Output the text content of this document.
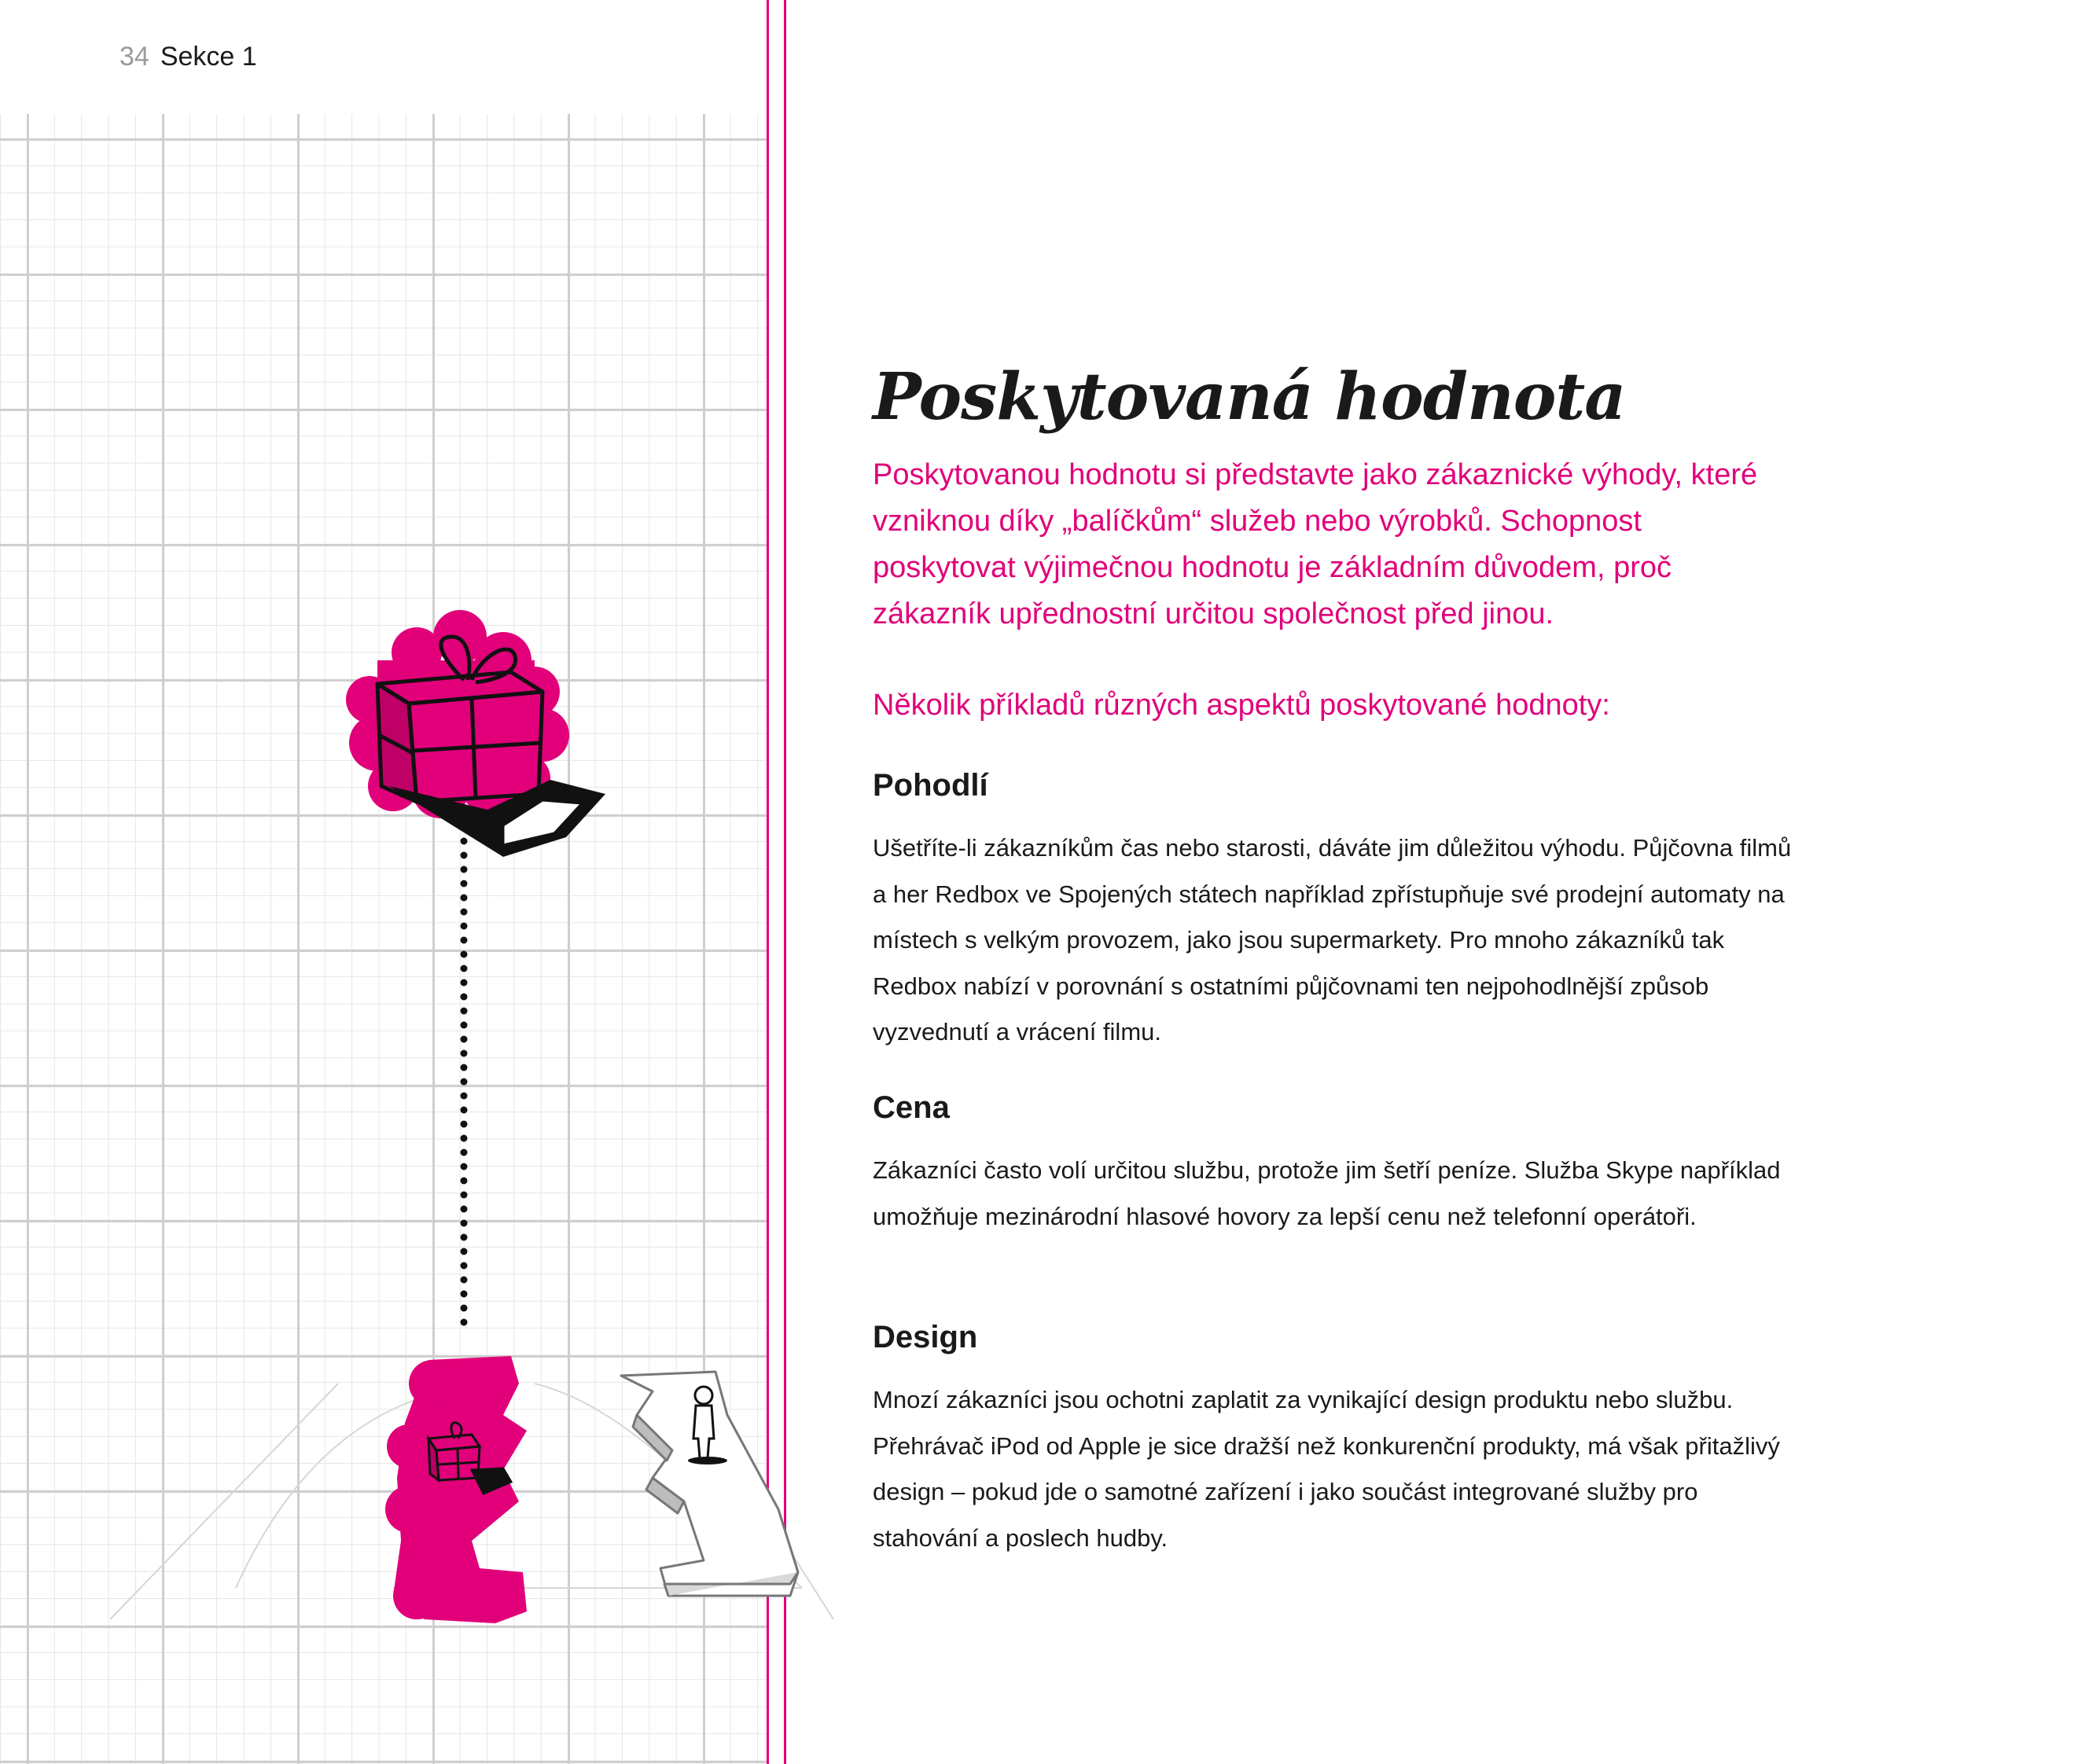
34 Sekce 1
Poskytovaná hodnota

Poskytovanou hodnotu si představte jako zákaznické výhody, které vzniknou díky „balíčkům“ služeb nebo výrobků. Schopnost poskytovat výjimečnou hodnotu je základním důvodem, proč zákazník upřednostní určitou společnost před jinou.

Několik příkladů různých aspektů poskytované hodnoty:

Pohodlí

Ušetříte-li zákazníkům čas nebo starosti, dáváte jim důležitou výhodu. Půjčovna filmů a her Redbox ve Spojených státech například zpřístupňuje své prodejní automaty na místech s velkým provozem, jako jsou supermarkety. Pro mnoho zákazníků tak Redbox nabízí v porovnání s ostatními půjčovnami ten nejpohodlnější způsob vyzvednutí a vrácení filmu.

Cena

Zákazníci často volí určitou službu, protože jim šetří peníze. Služba Skype například umožňuje mezinárodní hlasové hovory za lepší cenu než telefonní operátoři.

Design

Mnozí zákazníci jsou ochotni zaplatit za vynikající design produktu nebo službu. Přehrávač iPod od Apple je sice dražší než konkurenční produkty, má však přitažlivý design – pokud jde o samotné zařízení i jako součást integrované služby pro stahování a poslech hudby.
